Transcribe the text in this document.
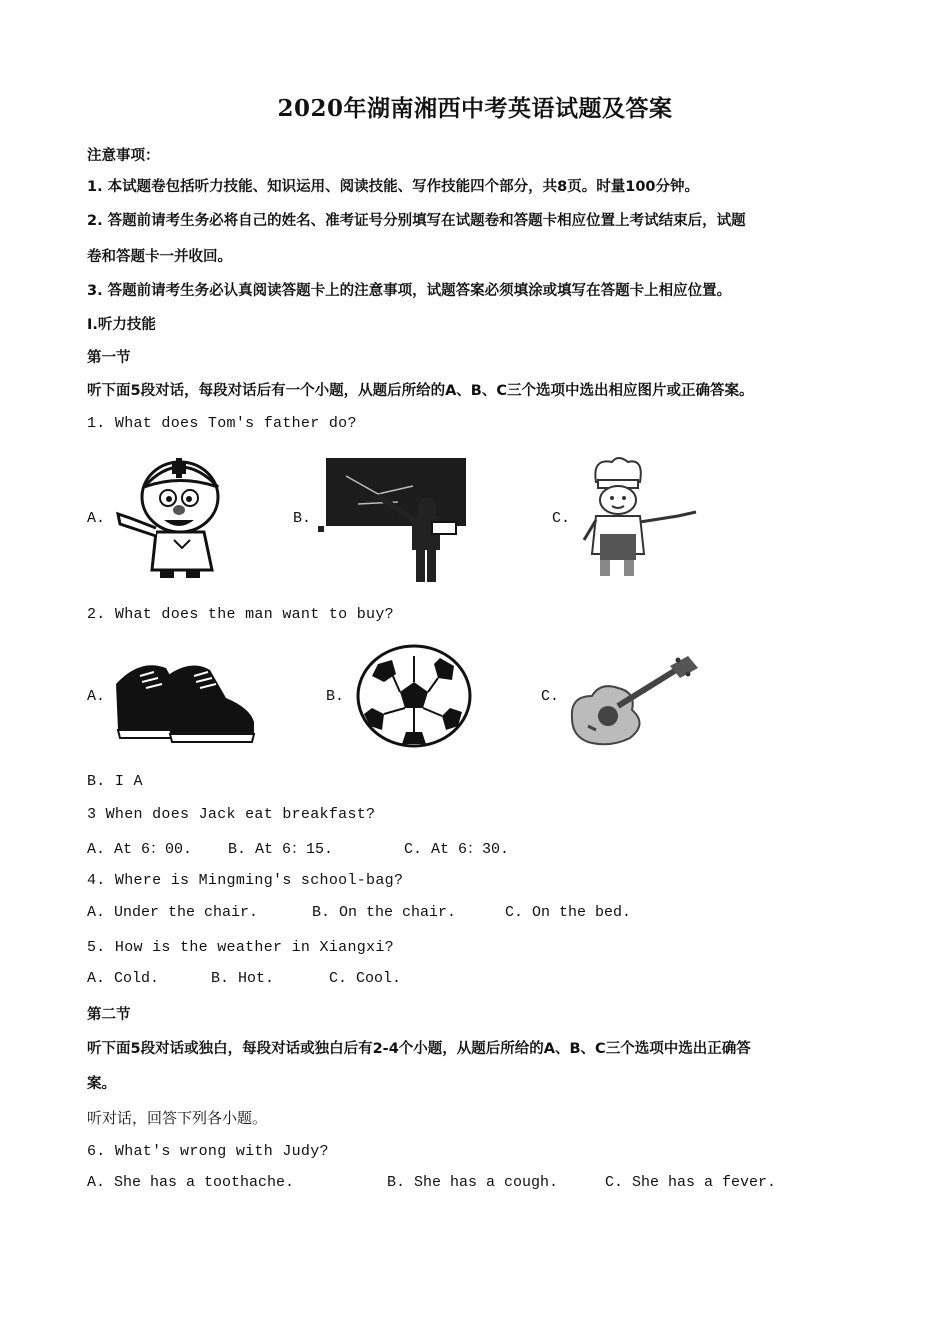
2020年湖南湘西中考英语试题及答案
注意事项：
1. 本试题卷包括听力技能、知识运用、阅读技能、写作技能四个部分，共8页。时量100分钟。
2. 答题前请考生务必将自己的姓名、准考证号分别填写在试题卷和答题卡相应位置上考试结束后，试题
卷和答题卡一并收回。
3. 答题前请考生务必认真阅读答题卡上的注意事项，试题答案必须填涂或填写在答题卡上相应位置。
I.听力技能
第一节
听下面5段对话，每段对话后有一个小题，从题后所给的A、B、C三个选项中选出相应图片或正确答案。
1. What does Tom's father do?
A.	B.	C.
2. What does the man want to buy?
A.	B.	C.
B. I A
3 When does Jack eat breakfast?
A. At 6：00. B. At 6：15.	C. At 6：30.
4. Where is Mingming's school-bag?
A. Under the chair.	B. On the chair.	C. On the bed.
5. How is the weather in Xiangxi?
A. Cold.	B. Hot.	C. Cool.
第二节
听下面5段对话或独白，每段对话或独白后有2-4个小题，从题后所给的A、B、C三个选项中选出正确答
案。
听对话，回答下列各小题。
6. What's wrong with Judy?
A. She has a toothache.	B. She has a cough.	C. She has a fever.
